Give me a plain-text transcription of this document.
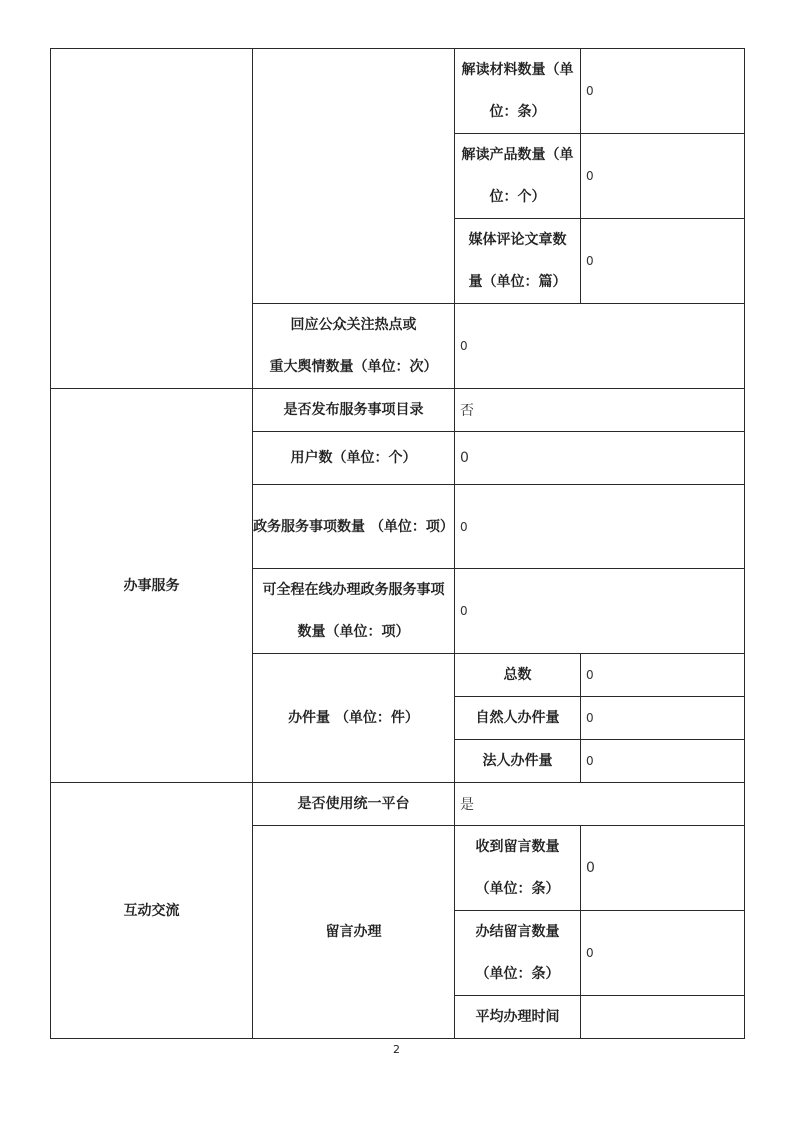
		解读材料数量（单 位：条）	0
		解读产品数量（单 位：个）	0
		媒体评论文章数 量（单位：篇）	0
	回应公众关注热点或 重大舆情数量（单位：次）	0	
办事服务	是否发布服务事项目录	否	
	用户数（单位：个）	0	
	政务服务事项数量 （单位：项）	0	
	可全程在线办理政务服务事项 数量（单位：项）	0	
	办件量 （单位：件）	总数	0
		自然人办件量	0
		法人办件量	0
互动交流	是否使用统一平台	是	
	留言办理	收到留言数量 （单位：条）	0
		办结留言数量 （单位：条）	0
		平均办理时间	
2
